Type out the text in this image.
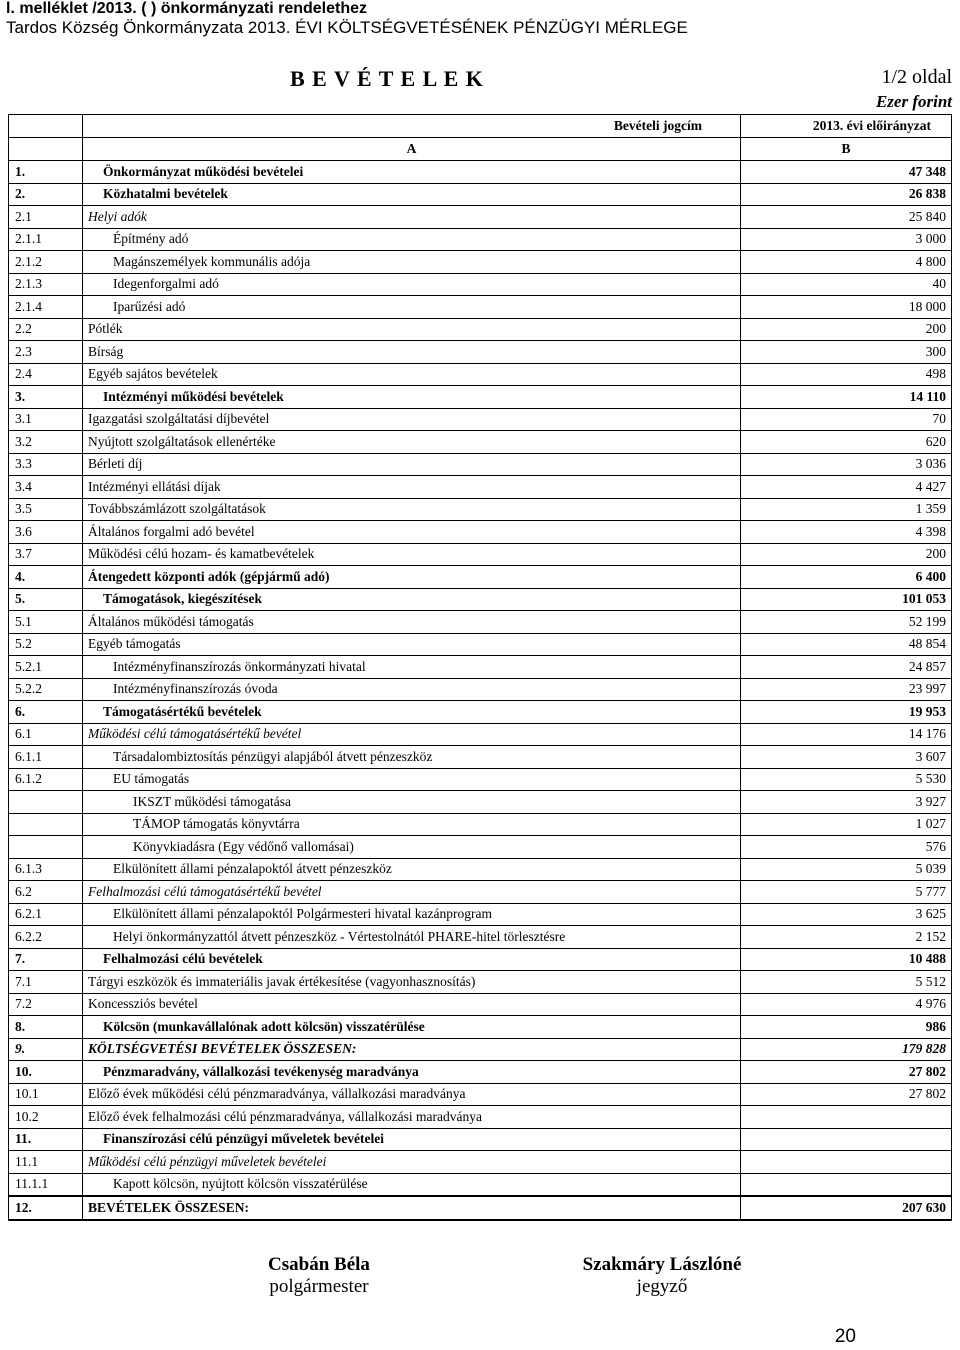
l. melléklet /2013. ( ) önkormányzati rendelethez
Tardos Község Önkormányzata 2013. ÉVI KÖLTSÉGVETÉSÉNEK PÉNZÜGYI MÉRLEGE
B E V É T E L E K	1/2 oldal
Ezer forint
	Bevételi jogcím	2013. évi előirányzat
	A	B
1.	Önkormányzat működési bevételei	47 348
2.	Közhatalmi bevételek	26 838
2.1	Helyi adók	25 840
2.1.1	Építmény adó	3 000
2.1.2	Magánszemélyek kommunális adója	4 800
2.1.3	Idegenforgalmi adó	40
2.1.4	Iparűzési adó	18 000
2.2	Pótlék	200
2.3	Bírság	300
2.4	Egyéb sajátos bevételek	498
3.	Intézményi működési bevételek	14 110
3.1	Igazgatási szolgáltatási díjbevétel	70
3.2	Nyújtott szolgáltatások ellenértéke	620
3.3	Bérleti díj	3 036
3.4	Intézményi ellátási díjak	4 427
3.5	Továbbszámlázott szolgáltatások	1 359
3.6	Általános forgalmi adó bevétel	4 398
3.7	Működési célú hozam- és kamatbevételek	200
4.	Átengedett központi adók (gépjármű adó)	6 400
5.	Támogatások, kiegészítések	101 053
5.1	Általános működési támogatás	52 199
5.2	Egyéb támogatás	48 854
5.2.1	Intézményfinanszírozás önkormányzati hivatal	24 857
5.2.2	Intézményfinanszírozás óvoda	23 997
6.	Támogatásértékű bevételek	19 953
6.1	Működési célú támogatásértékű bevétel	14 176
6.1.1	Társadalombiztosítás pénzügyi alapjából átvett pénzeszköz	3 607
6.1.2	EU támogatás	5 530
	IKSZT működési támogatása	3 927
	TÁMOP támogatás könyvtárra	1 027
	Könyvkiadásra (Egy védőnő vallomásai)	576
6.1.3	Elkülönített állami pénzalapoktól átvett pénzeszköz	5 039
6.2	Felhalmozási célú támogatásértékű bevétel	5 777
6.2.1	Elkülönített állami pénzalapoktól Polgármesteri hivatal kazánprogram	3 625
6.2.2	Helyi önkormányzattól átvett pénzeszköz - Vértestolnától PHARE-hitel törlesztésre	2 152
7.	Felhalmozási célú bevételek	10 488
7.1	Tárgyi eszközök és immateriális javak értékesítése (vagyonhasznosítás)	5 512
7.2	Koncessziós bevétel	4 976
8.	Kölcsön (munkavállalónak adott kölcsön) visszatérülése	986
9.	KÖLTSÉGVETÉSI BEVÉTELEK ÖSSZESEN:	179 828
10.	Pénzmaradvány, vállalkozási tevékenység maradványa	27 802
10.1	Előző évek működési célú pénzmaradványa, vállalkozási maradványa	27 802
10.2	Előző évek felhalmozási célú pénzmaradványa, vállalkozási maradványa	
11.	Finanszírozási célú pénzügyi műveletek bevételei	
11.1	Működési célú pénzügyi műveletek bevételei	
11.1.1	Kapott kölcsön, nyújtott kölcsön visszatérülése	
12.	BEVÉTELEK ÖSSZESEN:	207 630
Csabán Béla
polgármester
Szakmáry Lászlóné
jegyző
20
